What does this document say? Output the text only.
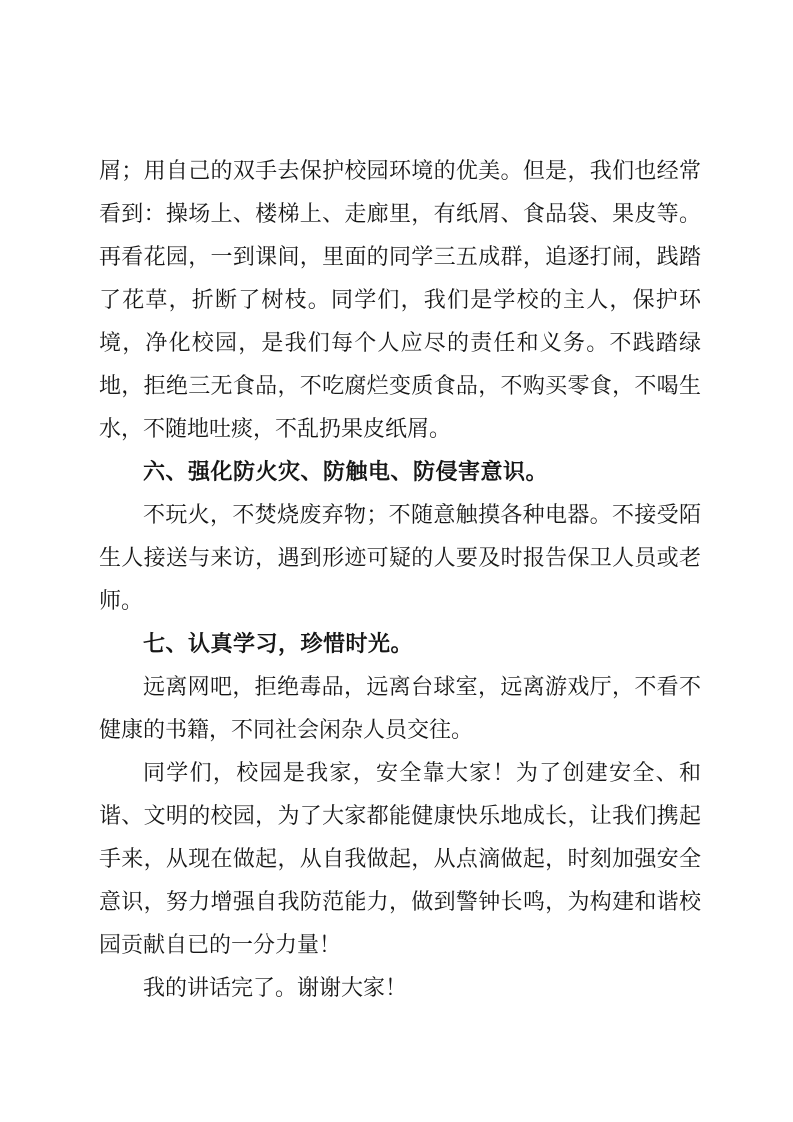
屑；用自己的双手去保护校园环境的优美。但是，我们也经常看到：操场上、楼梯上、走廊里，有纸屑、食品袋、果皮等。再看花园，一到课间，里面的同学三五成群，追逐打闹，践踏了花草，折断了树枝。同学们，我们是学校的主人，保护环境，净化校园，是我们每个人应尽的责任和义务。不践踏绿地，拒绝三无食品，不吃腐烂变质食品，不购买零食，不喝生水，不随地吐痰，不乱扔果皮纸屑。

六、强化防火灾、防触电、防侵害意识。

不玩火，不焚烧废弃物；不随意触摸各种电器。不接受陌生人接送与来访，遇到形迹可疑的人要及时报告保卫人员或老师。

七、认真学习，珍惜时光。

远离网吧，拒绝毒品，远离台球室，远离游戏厅，不看不健康的书籍，不同社会闲杂人员交往。

同学们，校园是我家，安全靠大家！为了创建安全、和谐、文明的校园，为了大家都能健康快乐地成长，让我们携起手来，从现在做起，从自我做起，从点滴做起，时刻加强安全意识，努力增强自我防范能力，做到警钟长鸣，为构建和谐校园贡献自已的一分力量！

我的讲话完了。谢谢大家！
